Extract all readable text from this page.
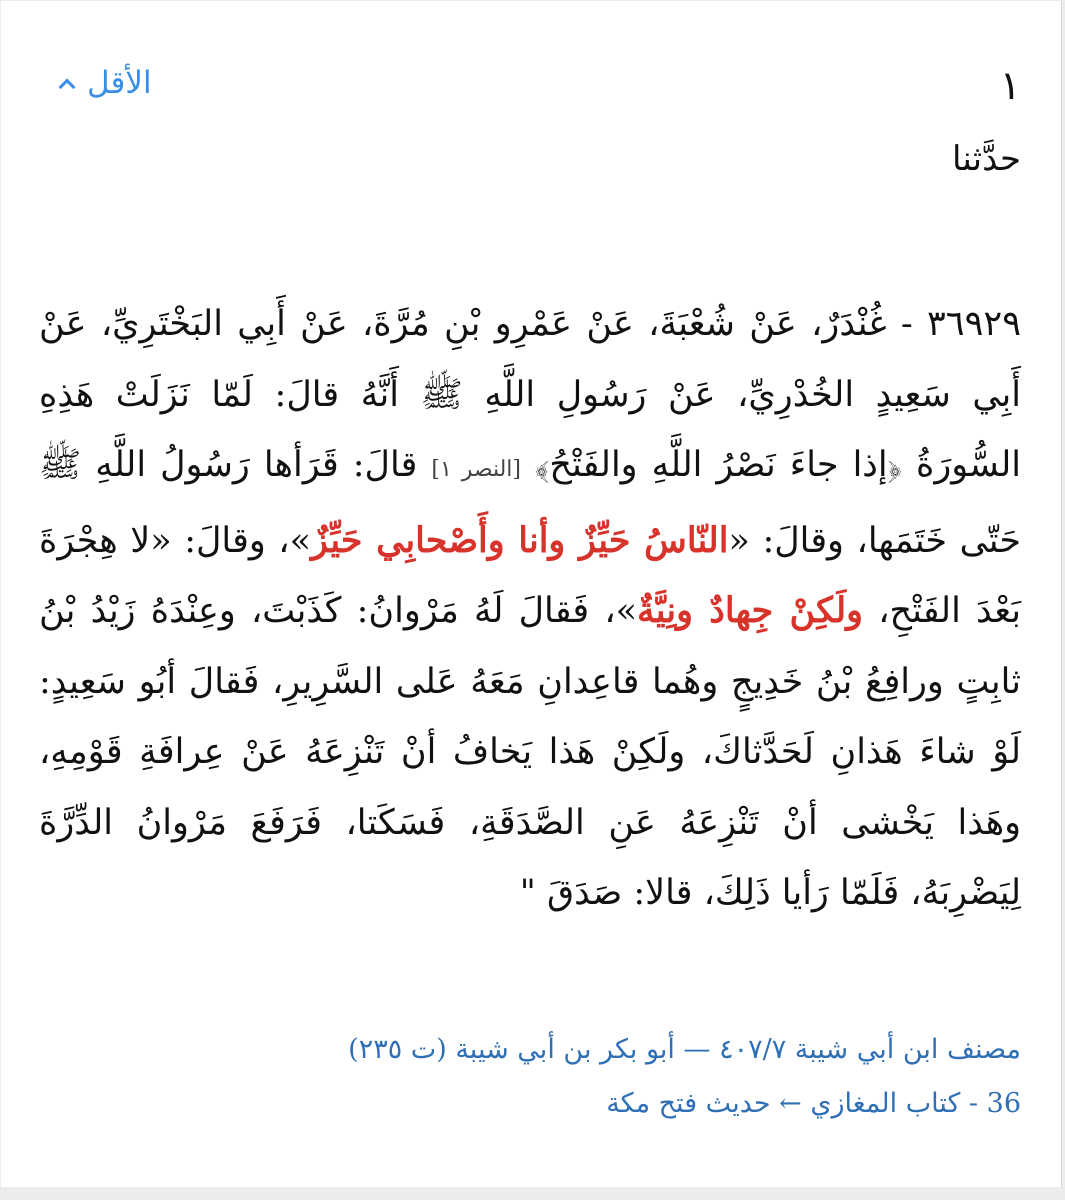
١
الأقل
حدَّثنا
٣٦٩٢٩ - غُنْدَرٌ، عَنْ شُعْبَةَ، عَنْ عَمْرِو بْنِ مُرَّةَ، عَنْ أَبِي البَخْتَرِيِّ، عَنْ أَبِي سَعِيدٍ الخُدْرِيِّ، عَنْ رَسُولِ اللَّهِ ﷺ أَنَّهُ قالَ: لَمّا نَزَلَتْ هَذِهِ السُّورَةُ ﴿إذا جاءَ نَصْرُ اللَّهِ والفَتْحُ﴾ [النصر ١] قالَ: قَرَأها رَسُولُ اللَّهِ ﷺ حَتّى خَتَمَها، وقالَ: «النّاسُ حَيِّزٌ وأنا وأَصْحابِي حَيِّزٌ»، وقالَ: «لا هِجْرَةَ بَعْدَ الفَتْحِ، ولَكِنْ جِهادٌ ونِيَّةٌ»، فَقالَ لَهُ مَرْوانُ: كَذَبْتَ، وعِنْدَهُ زَيْدُ بْنُ ثابِتٍ ورافِعُ بْنُ خَدِيجٍ وهُما قاعِدانِ مَعَهُ عَلى السَّرِيرِ، فَقالَ أبُو سَعِيدٍ: لَوْ شاءَ هَذانِ لَحَدَّثاكَ، ولَكِنْ هَذا يَخافُ أنْ تَنْزِعَهُ عَنْ عِرافَةِ قَوْمِهِ، وهَذا يَخْشى أنْ تَنْزِعَهُ عَنِ الصَّدَقَةِ، فَسَكَتا، فَرَفَعَ مَرْوانُ الدِّرَّةَ لِيَضْرِبَهُ، فَلَمّا رَأيا ذَلِكَ، قالا: صَدَقَ "
مصنف ابن أبي شيبة ٤٠٧/٧ — أبو بكر بن أبي شيبة (ت ٢٣٥)
36 - كتاب المغازي ← حديث فتح مكة
